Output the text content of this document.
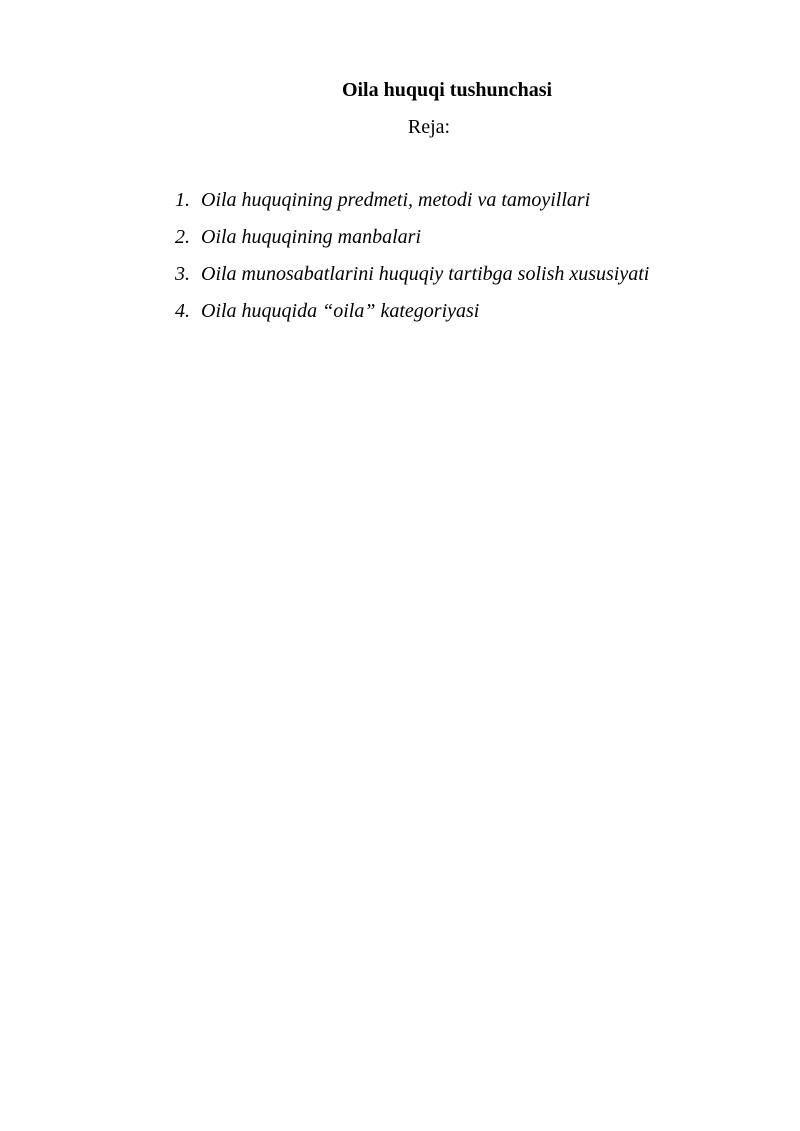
Oila huquqi tushunchasi
Reja:
1. Oila huquqining predmeti, metodi va tamoyillari
2. Oila huquqining manbalari
3. Oila munosabatlarini huquqiy tartibga solish xususiyati
4. Oila huquqida “oila” kategoriyasi
